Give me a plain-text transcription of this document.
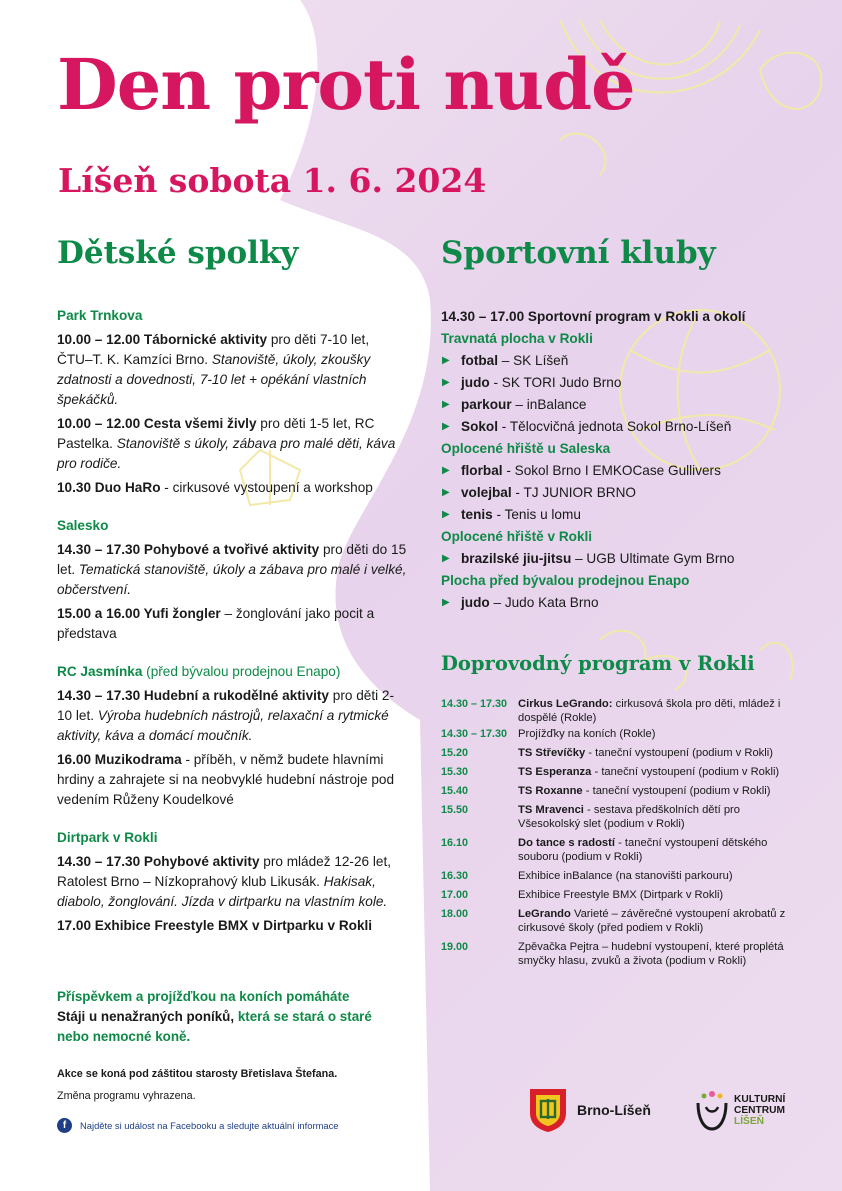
Den proti nudě
Líšeň sobota 1. 6. 2024
Dětské spolky	Sportovní kluby

Park Trnkova

10.00 – 12.00 Tábornické aktivity pro děti 7-10 let, ČTU–T. K. Kamzíci Brno. Stanoviště, úkoly, zkoušky zdatnosti a dovednosti, 7-10 let + opékání vlastních špekáčků.

10.00 – 12.00 Cesta všemi živly pro děti 1-5 let, RC Pastelka. Stanoviště s úkoly, zábava pro malé děti, káva pro rodiče.

10.30 Duo HaRo - cirkusové vystoupení a workshop

Salesko

14.30 – 17.30 Pohybové a tvořivé aktivity pro děti do 15 let. Tematická stanoviště, úkoly a zábava pro malé i velké, občerstvení.

15.00 a 16.00 Yufi žongler – žonglování jako pocit a představa

RC Jasmínka (před bývalou prodejnou Enapo)

14.30 – 17.30 Hudební a rukodělné aktivity pro děti 2-10 let. Výroba hudebních nástrojů, relaxační a rytmické aktivity, káva a domácí moučník.

16.00 Muzikodrama - příběh, v němž budete hlavními hrdiny a zahrajete si na neobvyklé hudební nástroje pod vedením Růženy Koudelkové

Dirtpark v Rokli

14.30 – 17.30 Pohybové aktivity pro mládež 12-26 let, Ratolest Brno – Nízkoprahový klub Likusák. Hakisak, diabolo, žonglování. Jízda v dirtparku na vlastním kole.

17.00 Exhibice Freestyle BMX v Dirtparku v Rokli

14.30 – 17.00 Sportovní program v Rokli a okolí

Travnatá plocha v Rokli

▶ fotbal – SK Líšeň

▶ judo - SK TORI Judo Brno

▶ parkour – inBalance

▶ Sokol - Tělocvičná jednota Sokol Brno-Líšeň

Oplocené hřiště u Saleska

▶ florbal - Sokol Brno I EMKOCase Gullivers

▶ volejbal - TJ JUNIOR BRNO

▶ tenis - Tenis u lomu

Oplocené hřiště v Rokli

▶ brazilské jiu-jitsu – UGB Ultimate Gym Brno

Plocha před bývalou prodejnou Enapo

▶ judo – Judo Kata Brno

Doprovodný program v Rokli
14.30 – 17.30 Cirkus LeGrando: cirkusová škola pro děti, mládež i dospělé (Rokle)
14.30 – 17.30 Projížďky na koních (Rokle)
15.20	TS Střevíčky - taneční vystoupení (podium v Rokli)
15.30	TS Esperanza - taneční vystoupení (podium v Rokli)
15.40	TS Roxanne - taneční vystoupení (podium v Rokli)
15.50	TS Mravenci - sestava předškolních dětí pro Všesokolský slet (podium v Rokli)
16.10	Do tance s radostí - taneční vystoupení dětského souboru (podium v Rokli)
16.30	Exhibice inBalance (na stanovišti parkouru)
17.00	Exhibice Freestyle BMX (Dirtpark v Rokli)
18.00	LeGrando Varieté – závěrečné vystoupení akrobatů z cirkusové školy (před podiem v Rokli)
19.00	Zpěvačka Pejtra – hudební vystoupení, které proplétá smyčky hlasu, zvuků a života (podium v Rokli)
Příspěvkem a projížďkou na koních pomáháte
Stáji u nenažraných poníků, která se stará o staré nebo nemocné koně.
Akce se koná pod záštitou starosty Břetislava Štefana.
Změna programu vyhrazena.
f	Najděte si událost na Facebooku a sledujte aktuální informace
Brno-Líšeň
KULTURNÍ
CENTRUM
LÍŠEŇ
